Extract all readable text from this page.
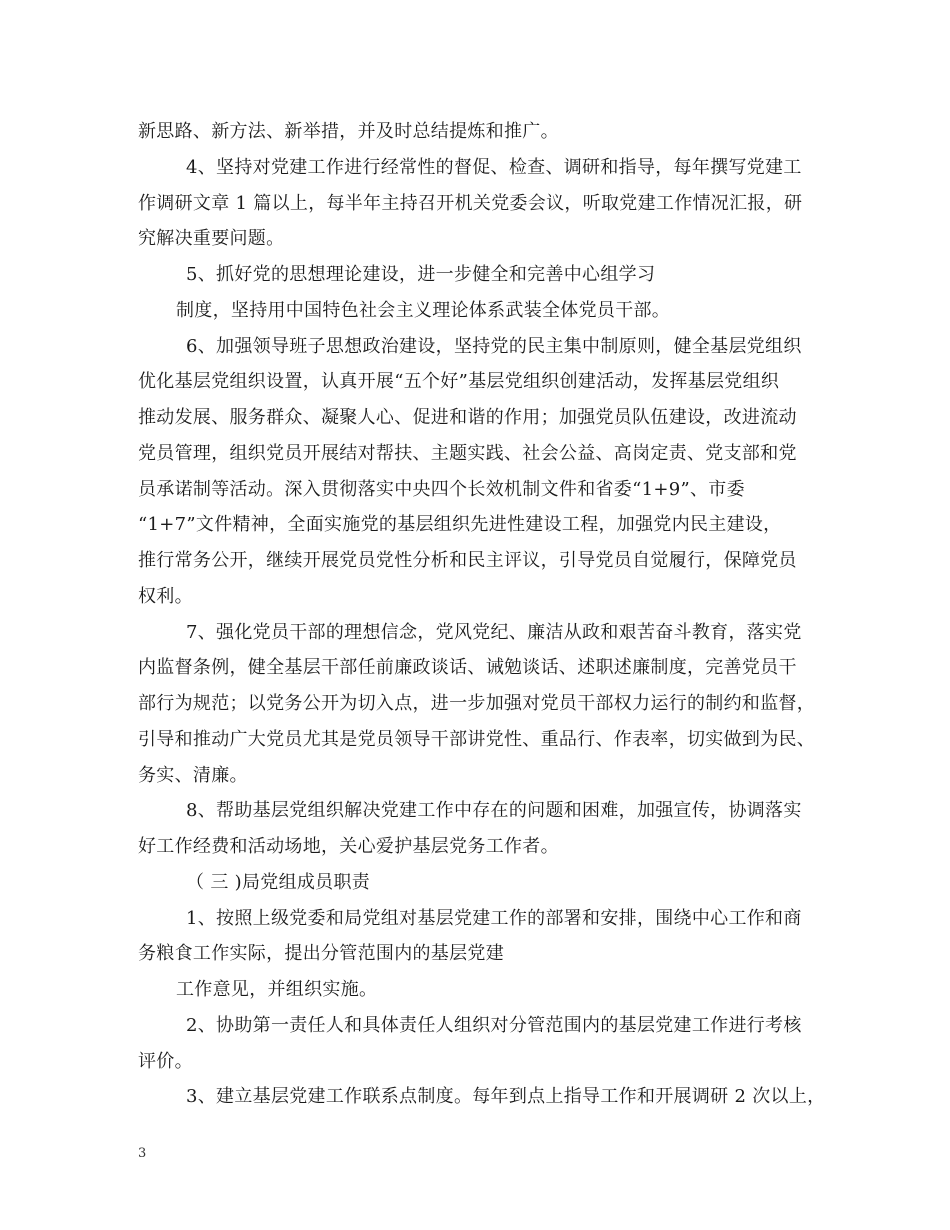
新思路、新方法、新举措，并及时总结提炼和推广。
4、坚持对党建工作进行经常性的督促、检查、调研和指导，每年撰写党建工
作调研文章 1 篇以上，每半年主持召开机关党委会议，听取党建工作情况汇报，研
究解决重要问题。
5、抓好党的思想理论建设，进一步健全和完善中心组学习
制度，坚持用中国特色社会主义理论体系武装全体党员干部。
6、加强领导班子思想政治建设，坚持党的民主集中制原则，健全基层党组织
优化基层党组织设置，认真开展“五个好”基层党组织创建活动，发挥基层党组织
推动发展、服务群众、凝聚人心、促进和谐的作用；加强党员队伍建设，改进流动
党员管理，组织党员开展结对帮扶、主题实践、社会公益、高岗定责、党支部和党
员承诺制等活动。深入贯彻落实中央四个长效机制文件和省委“1+9”、市委
“1+7”文件精神，全面实施党的基层组织先进性建设工程，加强党内民主建设，
推行常务公开，继续开展党员党性分析和民主评议，引导党员自觉履行，保障党员
权利。
7、强化党员干部的理想信念，党风党纪、廉洁从政和艰苦奋斗教育，落实党
内监督条例，健全基层干部任前廉政谈话、诫勉谈话、述职述廉制度，完善党员干
部行为规范；以党务公开为切入点，进一步加强对党员干部权力运行的制约和监督，
引导和推动广大党员尤其是党员领导干部讲党性、重品行、作表率，切实做到为民、
务实、清廉。
8、帮助基层党组织解决党建工作中存在的问题和困难，加强宣传，协调落实
好工作经费和活动场地，关心爱护基层党务工作者。
（ 三 )局党组成员职责
1、按照上级党委和局党组对基层党建工作的部署和安排，围绕中心工作和商
务粮食工作实际，提出分管范围内的基层党建
工作意见，并组织实施。
2、协助第一责任人和具体责任人组织对分管范围内的基层党建工作进行考核
评价。
3、建立基层党建工作联系点制度。每年到点上指导工作和开展调研 2 次以上，
3
